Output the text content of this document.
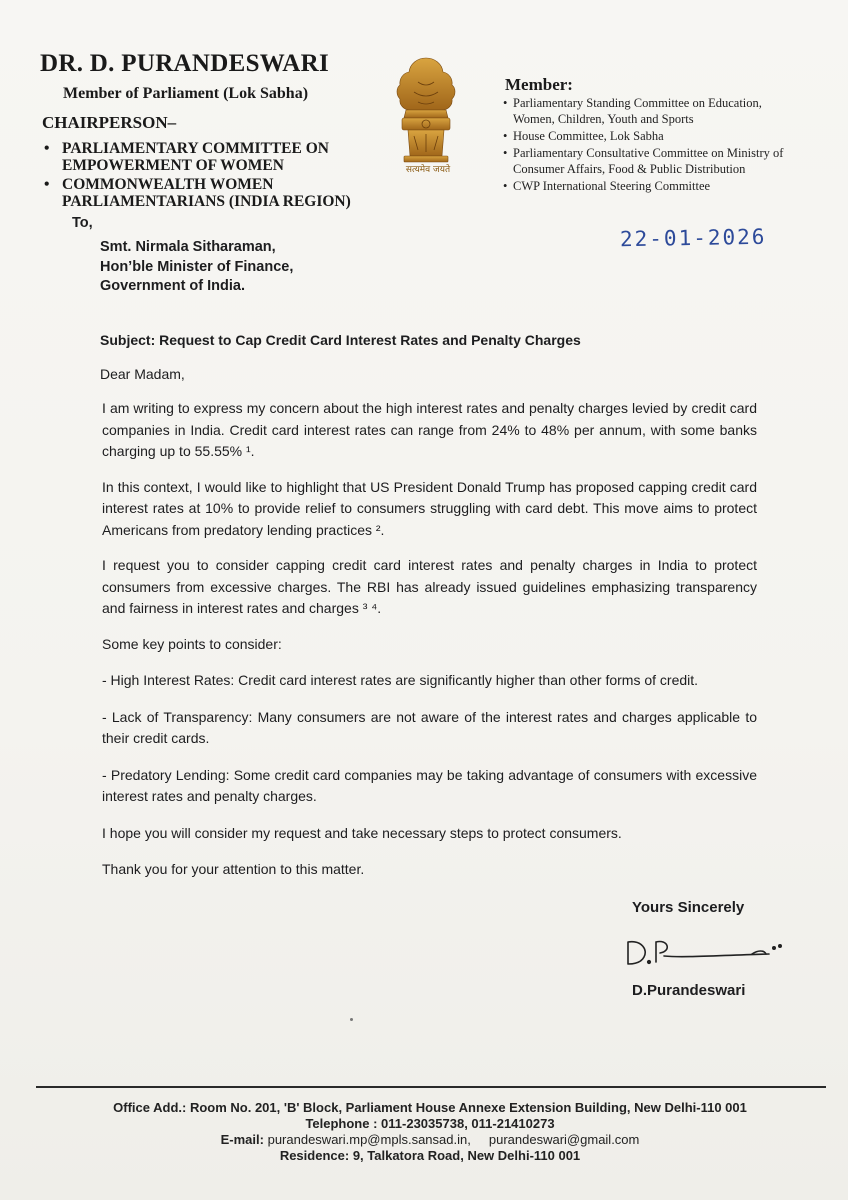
DR. D. PURANDESWARI
Member of Parliament (Lok Sabha)
CHAIRPERSON–
• PARLIAMENTARY COMMITTEE ON EMPOWERMENT OF WOMEN
• COMMONWEALTH WOMEN PARLIAMENTARIANS (INDIA REGION)
सत्यमेव जयते
Member:
• Parliamentary Standing Committee on Education, Women, Children, Youth and Sports
• House Committee, Lok Sabha
• Parliamentary Consultative Committee on Ministry of Consumer Affairs, Food & Public Distribution
• CWP International Steering Committee
22-01-2026
To,
Smt. Nirmala Sitharaman,
Hon’ble Minister of Finance,
Government of India.
Subject: Request to Cap Credit Card Interest Rates and Penalty Charges
Dear Madam,

I am writing to express my concern about the high interest rates and penalty charges levied by credit card companies in India. Credit card interest rates can range from 24% to 48% per annum, with some banks charging up to 55.55% ¹.

In this context, I would like to highlight that US President Donald Trump has proposed capping credit card interest rates at 10% to provide relief to consumers struggling with card debt. This move aims to protect Americans from predatory lending practices ².

I request you to consider capping credit card interest rates and penalty charges in India to protect consumers from excessive charges. The RBI has already issued guidelines emphasizing transparency and fairness in interest rates and charges ³ ⁴.

Some key points to consider:

- High Interest Rates: Credit card interest rates are significantly higher than other forms of credit.

- Lack of Transparency: Many consumers are not aware of the interest rates and charges applicable to their credit cards.

- Predatory Lending: Some credit card companies may be taking advantage of consumers with excessive interest rates and penalty charges.

I hope you will consider my request and take necessary steps to protect consumers.

Thank you for your attention to this matter.

Yours Sincerely
D.Purandeswari
Office Add.: Room No. 201, 'B' Block, Parliament House Annexe Extension Building, New Delhi-110 001
Telephone : 011-23035738, 011-21410273
E-mail: purandeswari.mp@mpls.sansad.in, purandeswari@gmail.com
Residence: 9, Talkatora Road, New Delhi-110 001
